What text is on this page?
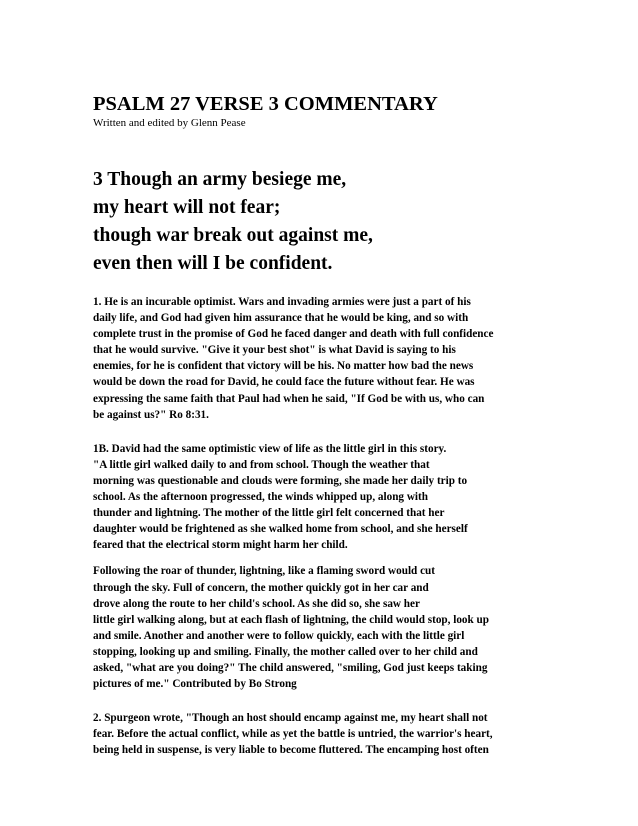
PSALM 27 VERSE 3 COMMENTARY

Written and edited by Glenn Pease

3 Though an army besiege me,
my heart will not fear;
though war break out against me,
even then will I be confident.

1. He is an incurable optimist. Wars and invading armies were just a part of his
daily life, and God had given him assurance that he would be king, and so with
complete trust in the promise of God he faced danger and death with full confidence
that he would survive. "Give it your best shot" is what David is saying to his
enemies, for he is confident that victory will be his. No matter how bad the news
would be down the road for David, he could face the future without fear. He was
expressing the same faith that Paul had when he said, "If God be with us, who can
be against us?" Ro 8:31.

1B. David had the same optimistic view of life as the little girl in this story.
"A little girl walked daily to and from school. Though the weather that
morning was questionable and clouds were forming, she made her daily trip to
school. As the afternoon progressed, the winds whipped up, along with
thunder and lightning. The mother of the little girl felt concerned that her
daughter would be frightened as she walked home from school, and she herself
feared that the electrical storm might harm her child.

Following the roar of thunder, lightning, like a flaming sword would cut
through the sky. Full of concern, the mother quickly got in her car and
drove along the route to her child's school. As she did so, she saw her
little girl walking along, but at each flash of lightning, the child would stop, look up
and smile. Another and another were to follow quickly, each with the little girl
stopping, looking up and smiling. Finally, the mother called over to her child and
asked, "what are you doing?" The child answered, "smiling, God just keeps taking
pictures of me." Contributed by Bo Strong

2. Spurgeon wrote, "Though an host should encamp against me, my heart shall not
fear. Before the actual conflict, while as yet the battle is untried, the warrior's heart,
being held in suspense, is very liable to become fluttered. The encamping host often
